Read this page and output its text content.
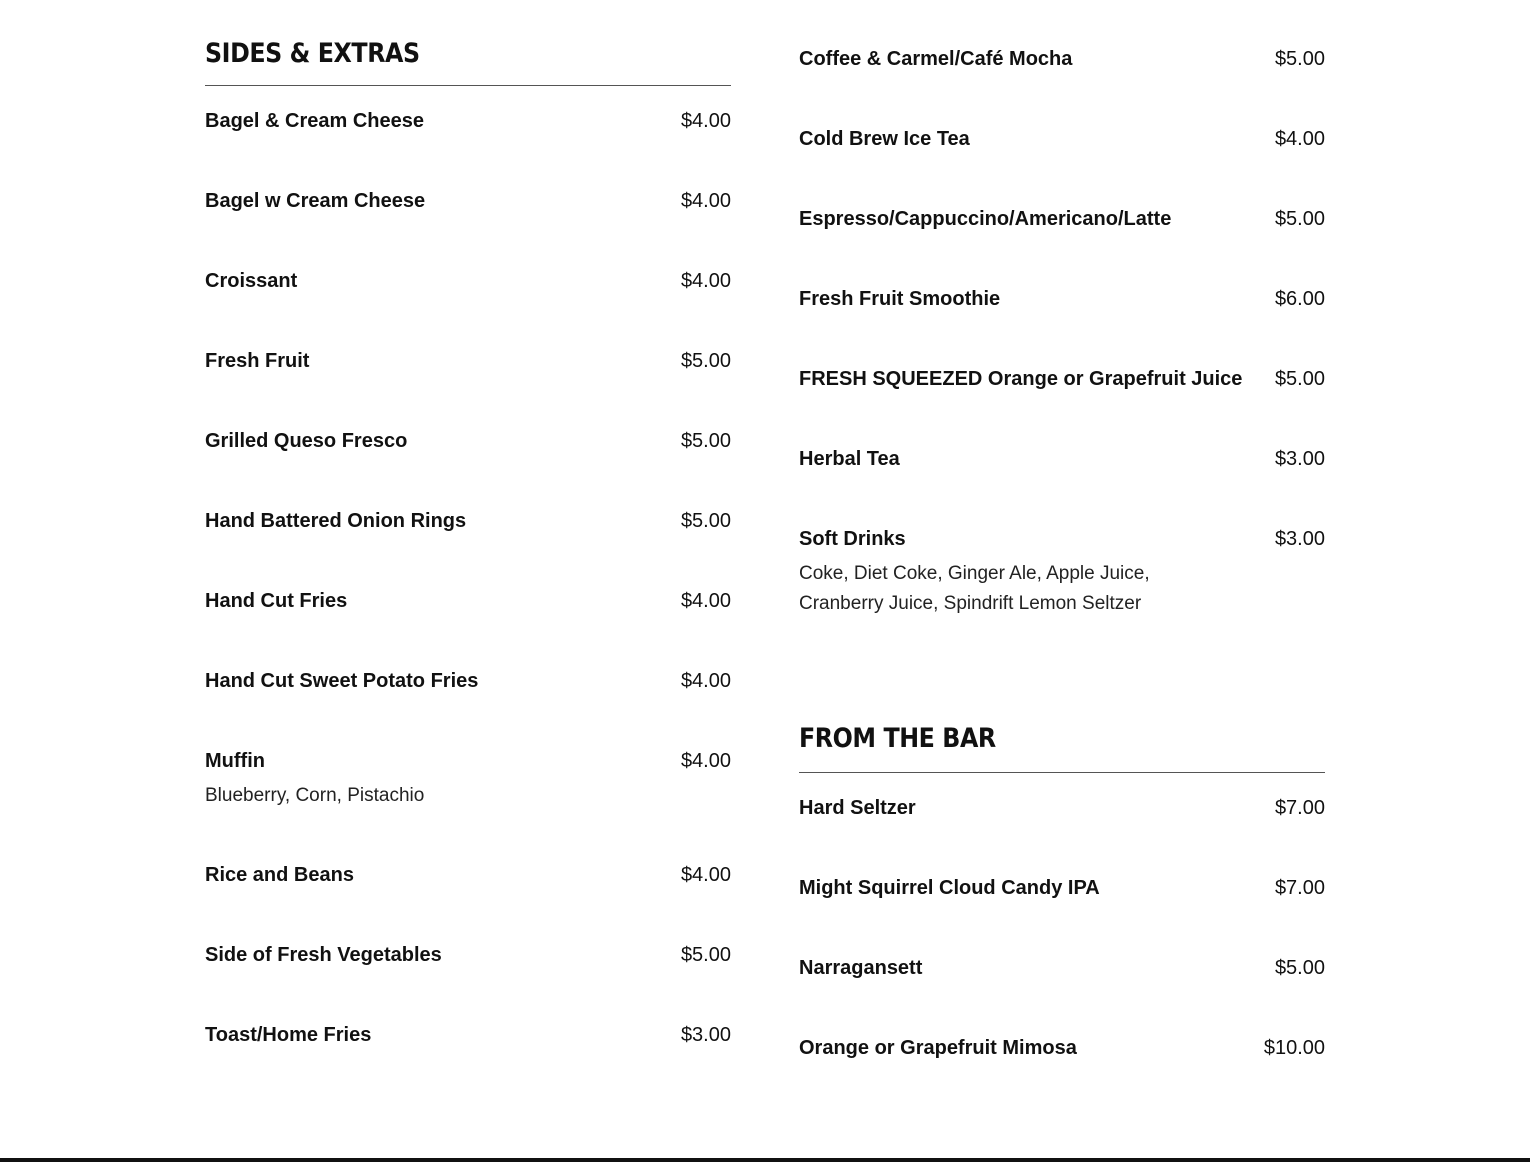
SIDES & EXTRAS
Bagel & Cream Cheese	$4.00
Bagel w Cream Cheese	$4.00
Croissant	$4.00
Fresh Fruit	$5.00
Grilled Queso Fresco	$5.00
Hand Battered Onion Rings	$5.00
Hand Cut Fries	$4.00
Hand Cut Sweet Potato Fries	$4.00
Muffin	$4.00
Blueberry, Corn, Pistachio
Rice and Beans	$4.00
Side of Fresh Vegetables	$5.00
Toast/Home Fries	$3.00
Coffee & Carmel/Café Mocha	$5.00
Cold Brew Ice Tea	$4.00
Espresso/Cappuccino/Americano/Latte	$5.00
Fresh Fruit Smoothie	$6.00
FRESH SQUEEZED Orange or Grapefruit Juice $5.00
Herbal Tea	$3.00
Soft Drinks	$3.00
Coke, Diet Coke, Ginger Ale, Apple Juice, Cranberry Juice, Spindrift Lemon Seltzer
FROM THE BAR
Hard Seltzer	$7.00
Might Squirrel Cloud Candy IPA	$7.00
Narragansett	$5.00
Orange or Grapefruit Mimosa	$10.00
